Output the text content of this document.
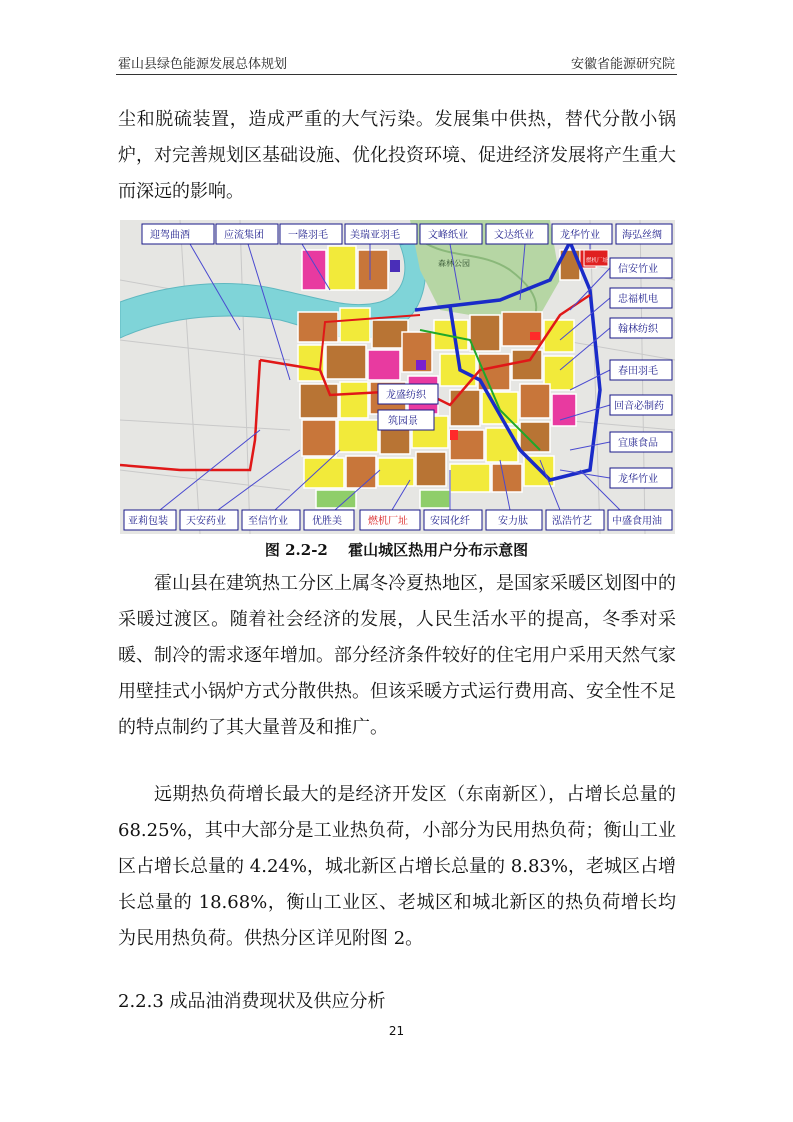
霍山县绿色能源发展总体规划	安徽省能源研究院

尘和脱硫装置，造成严重的大气污染。发展集中供热，替代分散小锅炉，对完善规划区基础设施、优化投资环境、促进经济发展将产生重大而深远的影响。

森林公园	燃机厂址
迎驾曲酒	应流集团 一隆羽毛 美瑞亚羽毛	文峰纸业	文达纸业	龙华竹业 海弘丝绸
信安竹业
忠福机电
翰林纺织
春田羽毛
回音必制药
宜康食品
龙华竹业
龙盛纺织
筑园景
亚莉包装 天安药业 至信竹业 优胜美	燃机厂址 安园化纤	安力肽 泓浩竹艺 中盛食用油
图 2.2-2　 霍山城区热用户分布示意图

霍山县在建筑热工分区上属冬冷夏热地区，是国家采暖区划图中的采暖过渡区。随着社会经济的发展，人民生活水平的提高，冬季对采暖、制冷的需求逐年增加。部分经济条件较好的住宅用户采用天然气家用壁挂式小锅炉方式分散供热。但该采暖方式运行费用高、安全性不足的特点制约了其大量普及和推广。

远期热负荷增长最大的是经济开发区（东南新区），占增长总量的 68.25%，其中大部分是工业热负荷，小部分为民用热负荷；衡山工业区占增长总量的 4.24%，城北新区占增长总量的 8.83%，老城区占增长总量的 18.68%，衡山工业区、老城区和城北新区的热负荷增长均为民用热负荷。供热分区详见附图 2。

2.2.3 成品油消费现状及供应分析

21
